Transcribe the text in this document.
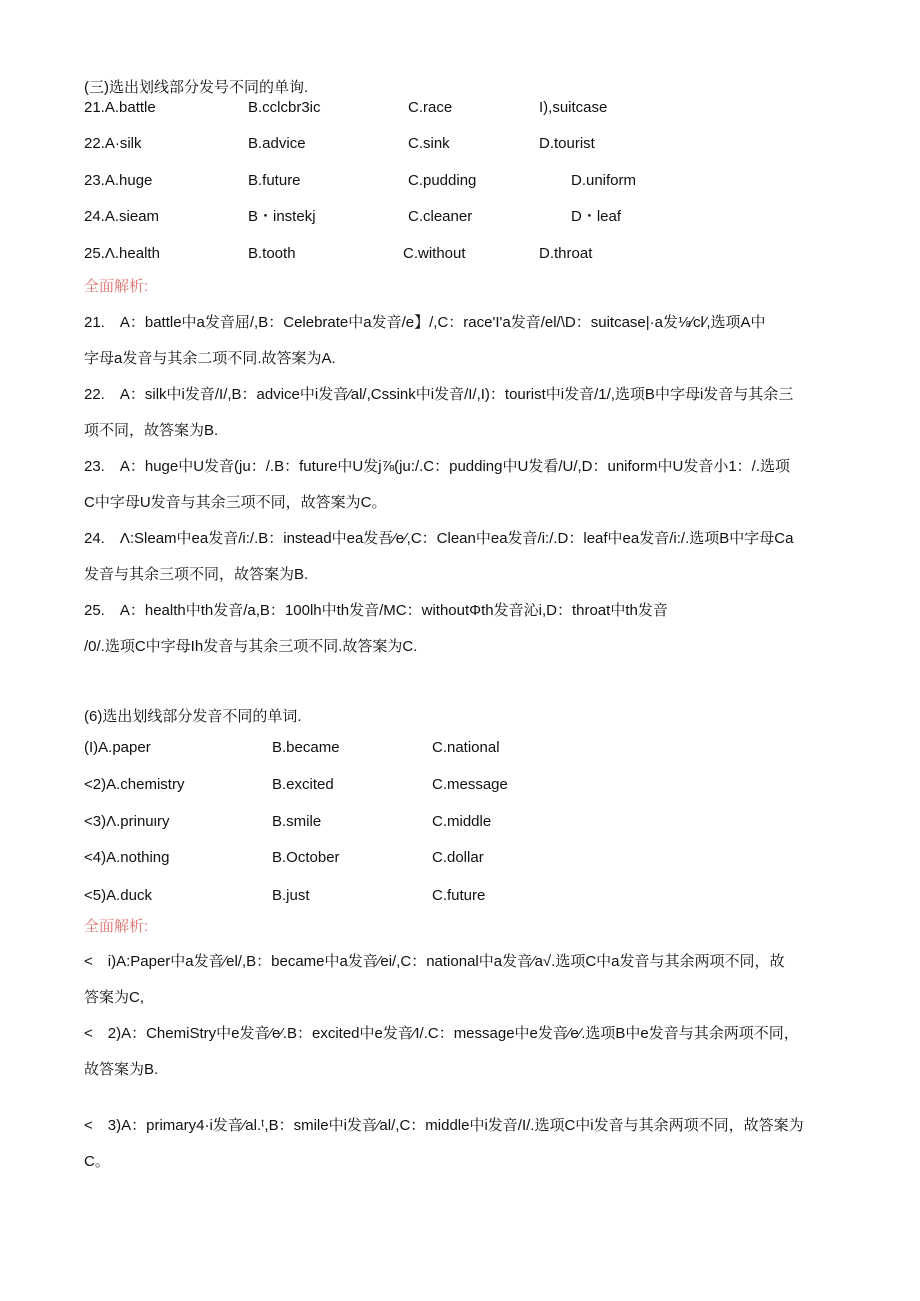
(三)选出划线部分发号不同的单询.
21.A.battle	B.cclcbr3ic	C.race	I),suitcase
22.A·silk	B.advice	C.sink	D.tourist
23.A.huge	B.future	C.pudding	D.uniform
24.A.sieam	B・instekj	C.cleaner	D・leaf
25.Λ.health	B.tooth	C.without	D.throat
全面解析:

21.　A：battle中a发音屈/,B：Celebrate中a发音/e】/,C：race'I'a发音/el/\D：suitcase|·a发⅛∕cl⁄,选项A中

字母a发音与其余二项不同.故答案为A.

22.　A：silk中i发音/I/,B：advice中i发音⁄al/,Cssink中i发音/I/,I)：tourist中i发音/1/,选项B中字母i发音与其余三

项不同，故答案为B.

23.　A：huge中U发音(ju：/.B：future中U发j⅞(ju:/.C：pudding中U发看/U/,D：uniform中U发音小1：/.选项

C中字母U发音与其余三项不同，故答案为C。

24.　Λ:Sleam中ea发音/i:/.B：instead中ea发吾⁄e⁄,C：Clean中ea发音/i:/.D：leaf中ea发音/i:/.选项B中字母Ca

发音与其余三项不同，故答案为B.

25.　A：health中th发音/a,B：100lh中th发音/MC：withoutΦth发音沁i,D：throat中th发音

/0/.选项C中字母Ih发音与其余三项不同.故答案为C.

(6)选出划线部分发音不同的单词.
(I)A.paper	B.became	C.national
<2)A.chemistry	B.excited	C.message
<3)Λ.prinuιry	B.smile	C.middle
<4)A.nothing	B.October	C.dollar
<5)A.duck	B.just	C.future
全面解析:

<　i)A:Paper中a发音⁄el/,B：became中a发音⁄ei/,C：national中a发音⁄a√.选项C中a发音与其余两项不同，故

答案为C,

<　2)A：ChemiStry中e发音⁄e⁄.B：excited中e发音⁄I/.C：message中e发音⁄e⁄.选项B中e发音与其余两项不同，

故答案为B.

<　3)A：primary4·i发音⁄al.ᵗ,B：smile中i发音⁄al/,C：middle中i发音/I/.选项C中i发音与其余两项不同，故答案为

C。
